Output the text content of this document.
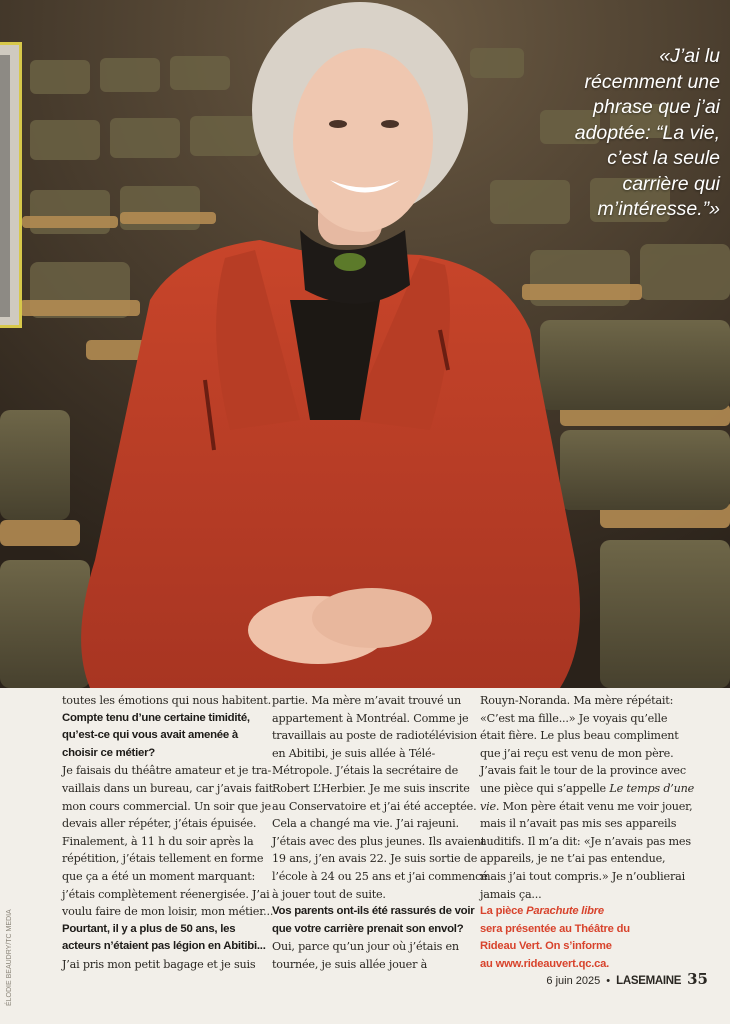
«J’ai lu
récemment une
phrase que j’ai
adoptée: “La vie,
c’est la seule
carrière qui
m’intéresse.”»
ÉLODIE BEAUDRY/TC MEDIA
toutes les émotions qui nous habitent.
Compte tenu d’une certaine timidité,
qu’est-ce qui vous avait amenée à
choisir ce métier?
Je faisais du théâtre amateur et je tra-
vaillais dans un bureau, car j’avais fait
mon cours commercial. Un soir que je
devais aller répéter, j’étais épuisée.
Finalement, à 11 h du soir après la
répétition, j’étais tellement en forme
que ça a été un moment marquant:
j’étais complètement réenergisée. J’ai
voulu faire de mon loisir, mon métier...
Pourtant, il y a plus de 50 ans, les
acteurs n’étaient pas légion en Abitibi...
J’ai pris mon petit bagage et je suis
partie. Ma mère m’avait trouvé un
appartement à Montréal. Comme je
travaillais au poste de radiotélévision
en Abitibi, je suis allée à Télé-
Métropole. J’étais la secrétaire de
Robert L’Herbier. Je me suis inscrite
au Conservatoire et j’ai été acceptée.
Cela a changé ma vie. J’ai rajeuni.
J’étais avec des plus jeunes. Ils avaient
19 ans, j’en avais 22. Je suis sortie de
l’école à 24 ou 25 ans et j’ai commencé
à jouer tout de suite.
Vos parents ont-ils été rassurés de voir
que votre carrière prenait son envol?
Oui, parce qu’un jour où j’étais en
tournée, je suis allée jouer à
Rouyn-Noranda. Ma mère répétait:
«C’est ma fille...» Je voyais qu’elle
était fière. Le plus beau compliment
que j’ai reçu est venu de mon père.
J’avais fait le tour de la province avec
une pièce qui s’appelle Le temps d’une
vie. Mon père était venu me voir jouer,
mais il n’avait pas mis ses appareils
auditifs. Il m’a dit: «Je n’avais pas mes
appareils, je ne t’ai pas entendue,
mais j’ai tout compris.» Je n’oublierai
jamais ça...
La pièce Parachute libre
sera présentée au Théâtre du
Rideau Vert. On s’informe
au www.rideauvert.qc.ca.
6 juin 2025 • LASEMAINE 35
